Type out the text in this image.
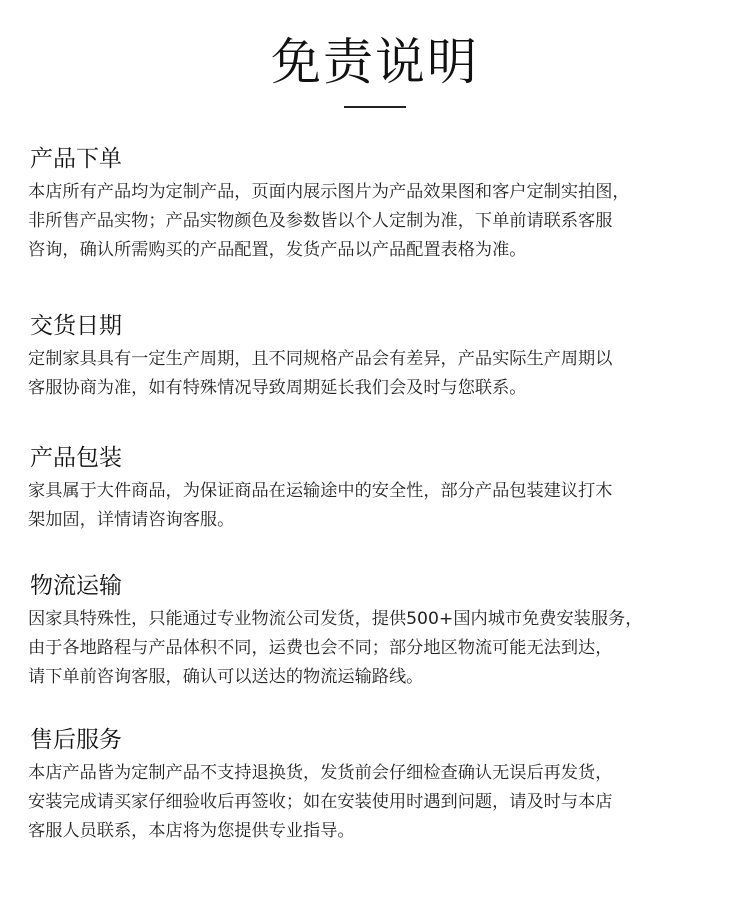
免责说明
产品下单

本店所有产品均为定制产品，页面内展示图片为产品效果图和客户定制实拍图，
非所售产品实物；产品实物颜色及参数皆以个人定制为准，下单前请联系客服
咨询，确认所需购买的产品配置，发货产品以产品配置表格为准。

交货日期

定制家具具有一定生产周期，且不同规格产品会有差异，产品实际生产周期以
客服协商为准，如有特殊情况导致周期延长我们会及时与您联系。

产品包装

家具属于大件商品，为保证商品在运输途中的安全性，部分产品包装建议打木
架加固，详情请咨询客服。

物流运输

因家具特殊性，只能通过专业物流公司发货，提供500+国内城市免费安装服务，
由于各地路程与产品体积不同，运费也会不同；部分地区物流可能无法到达，
请下单前咨询客服，确认可以送达的物流运输路线。

售后服务

本店产品皆为定制产品不支持退换货，发货前会仔细检查确认无误后再发货，
安装完成请买家仔细验收后再签收；如在安装使用时遇到问题，请及时与本店
客服人员联系，本店将为您提供专业指导。
